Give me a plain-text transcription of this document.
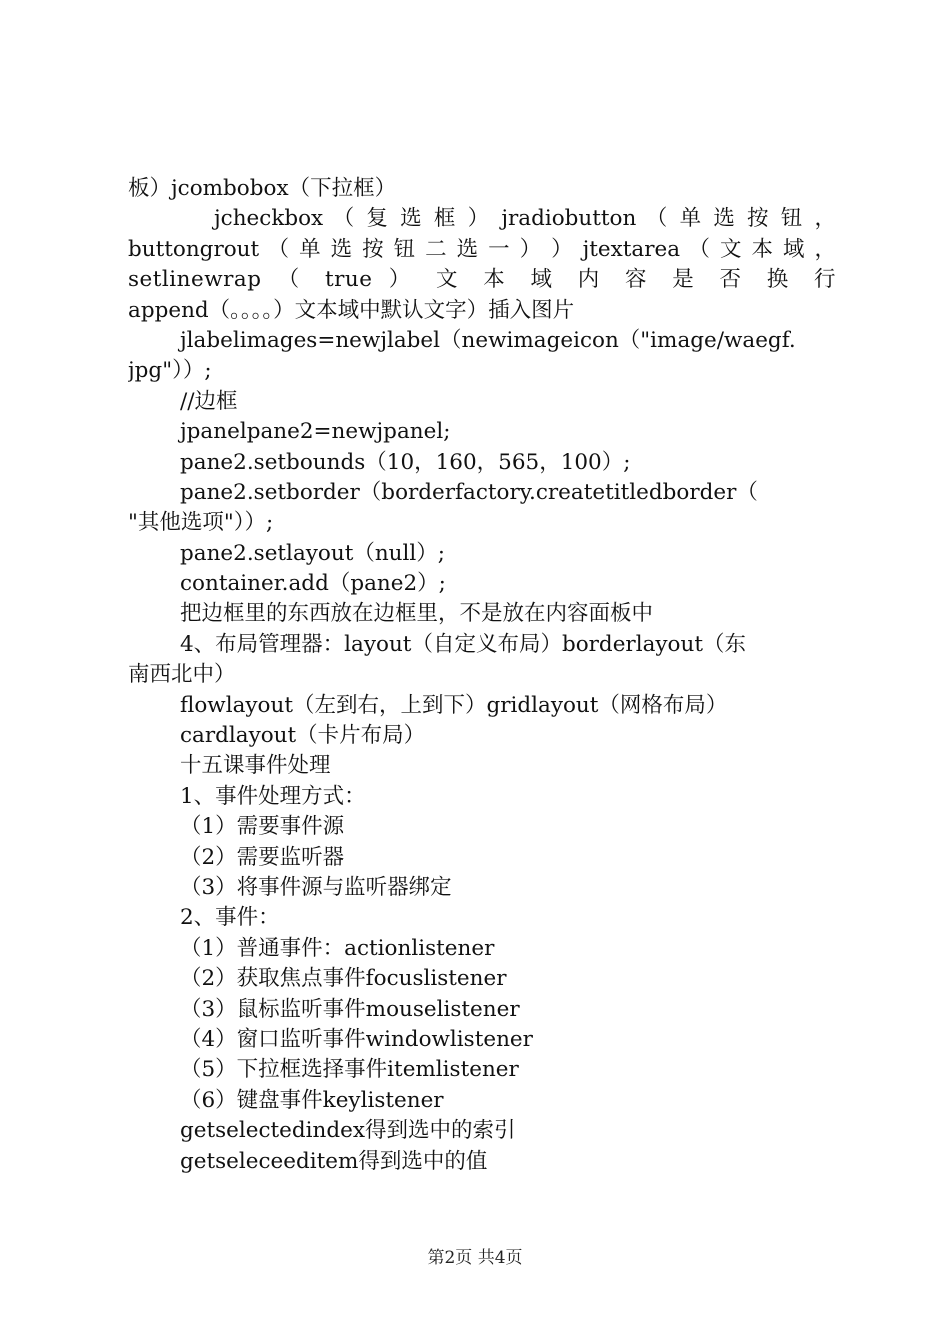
板）jcombobox（下拉框）
jcheckbox （ 复 选 框 ） jradiobutton （ 单 选 按 钮 ，
buttongrout （ 单 选 按 钮 二 选 一 ） ） jtextarea （ 文 本 域 ，
setlinewrap （ true ） 文 本 域 内 容 是 否 换 行
append（。。。。）文本域中默认文字）插入图片
jlabelimages=newjlabel（newimageicon（"image/waegf.
jpg"））;
//边框
jpanelpane2=newjpanel;
pane2.setbounds（10，160，565，100）;
pane2.setborder（borderfactory.createtitledborder（
"其他选项"））;
pane2.setlayout（null）;
container.add（pane2）;
把边框里的东西放在边框里，不是放在内容面板中
4、布局管理器：layout（自定义布局）borderlayout（东
南西北中）
flowlayout（左到右，上到下）gridlayout（网格布局）
cardlayout（卡片布局）
十五课事件处理
1、事件处理方式：
（1）需要事件源
（2）需要监听器
（3）将事件源与监听器绑定
2、事件：
（1）普通事件：actionlistener
（2）获取焦点事件focuslistener
（3）鼠标监听事件mouselistener
（4）窗口监听事件windowlistener
（5）下拉框选择事件itemlistener
（6）键盘事件keylistener
getselectedindex得到选中的索引
getseleceeditem得到选中的值
第2页 共4页
